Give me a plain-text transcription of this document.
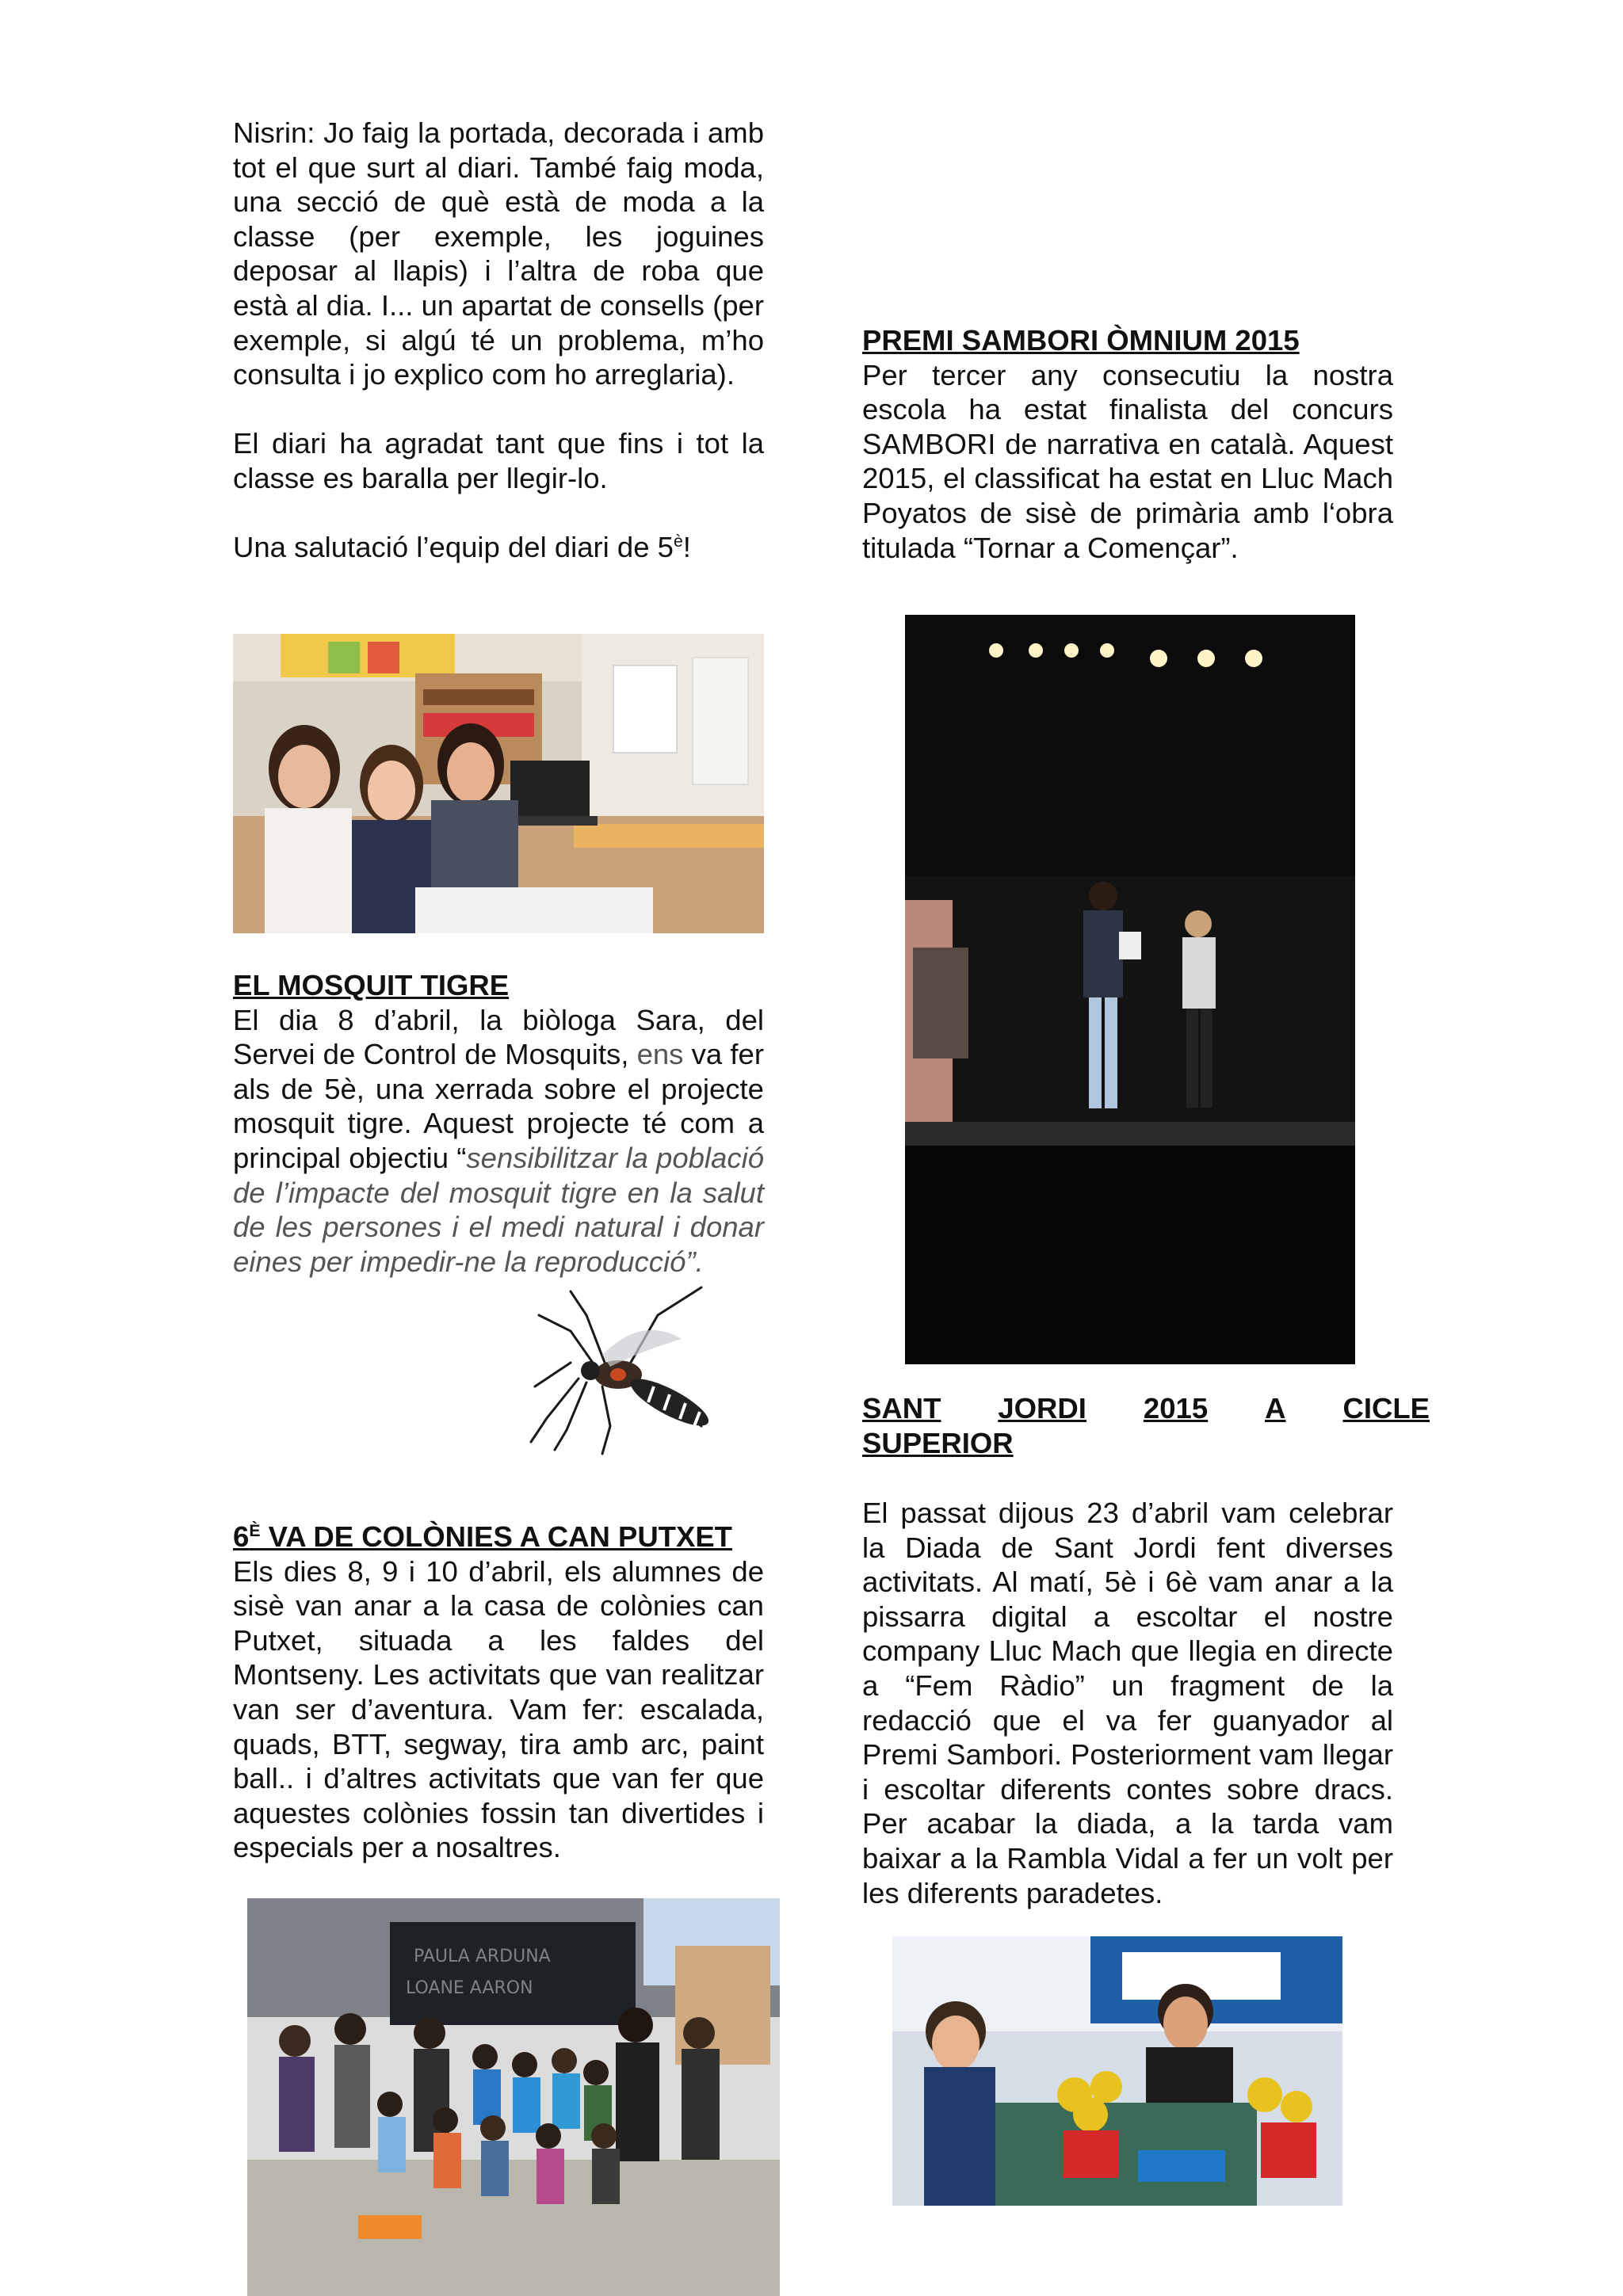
Nisrin: Jo faig la portada, decorada i amb tot el que surt al diari. També faig moda, una secció de què està de moda a la classe (per exemple, les joguines deposar al llapis) i l’altra de roba que està al dia. I... un apartat de consells (per exemple, si algú té un problema, m’ho consulta i jo explico com ho arreglaria).

El diari ha agradat tant que fins i tot la classe es baralla per llegir-lo.

Una salutació l’equip del diari de $5^è$!

EL MOSQUIT TIGRE

El dia 8 d’abril, la biòloga Sara, del Servei de Control de Mosquits, ens va fer als de 5è, una xerrada sobre el projecte mosquit tigre. Aquest projecte té com a principal objectiu “sensibilitzar la població de l’impacte del mosquit tigre en la salut de les persones i el medi natural i donar eines per impedir-ne la reproducció”.

$6^È$ VA DE COLÒNIES A CAN PUTXET

Els dies 8, 9 i 10 d’abril, els alumnes de sisè van anar a la casa de colònies can Putxet, situada a les faldes del Montseny. Les activitats que van realitzar van ser d’aventura. Vam fer: escalada, quads, BTT, segway, tira amb arc, paint ball.. i d’altres activitats que van fer que aquestes colònies fossin tan divertides i especials per a nosaltres.

PAULA ARDUNA
LOANE AARON
PREMI SAMBORI ÒMNIUM 2015

Per tercer any consecutiu la nostra escola ha estat finalista del concurs SAMBORI de narrativa en català. Aquest 2015, el classificat ha estat en Lluc Mach Poyatos de sisè de primària amb l‘obra titulada “Tornar a Començar”.

SANT JORDI 2015 A CICLE
SUPERIOR

El passat dijous 23 d’abril vam celebrar la Diada de Sant Jordi fent diverses activitats. Al matí, 5è i 6è vam anar a la pissarra digital a escoltar el nostre company Lluc Mach que llegia en directe a “Fem Ràdio” un fragment de la redacció que el va fer guanyador al Premi Sambori. Posteriorment vam llegar i escoltar diferents contes sobre dracs. Per acabar la diada, a la tarda vam baixar a la Rambla Vidal a fer un volt per les diferents paradetes.
